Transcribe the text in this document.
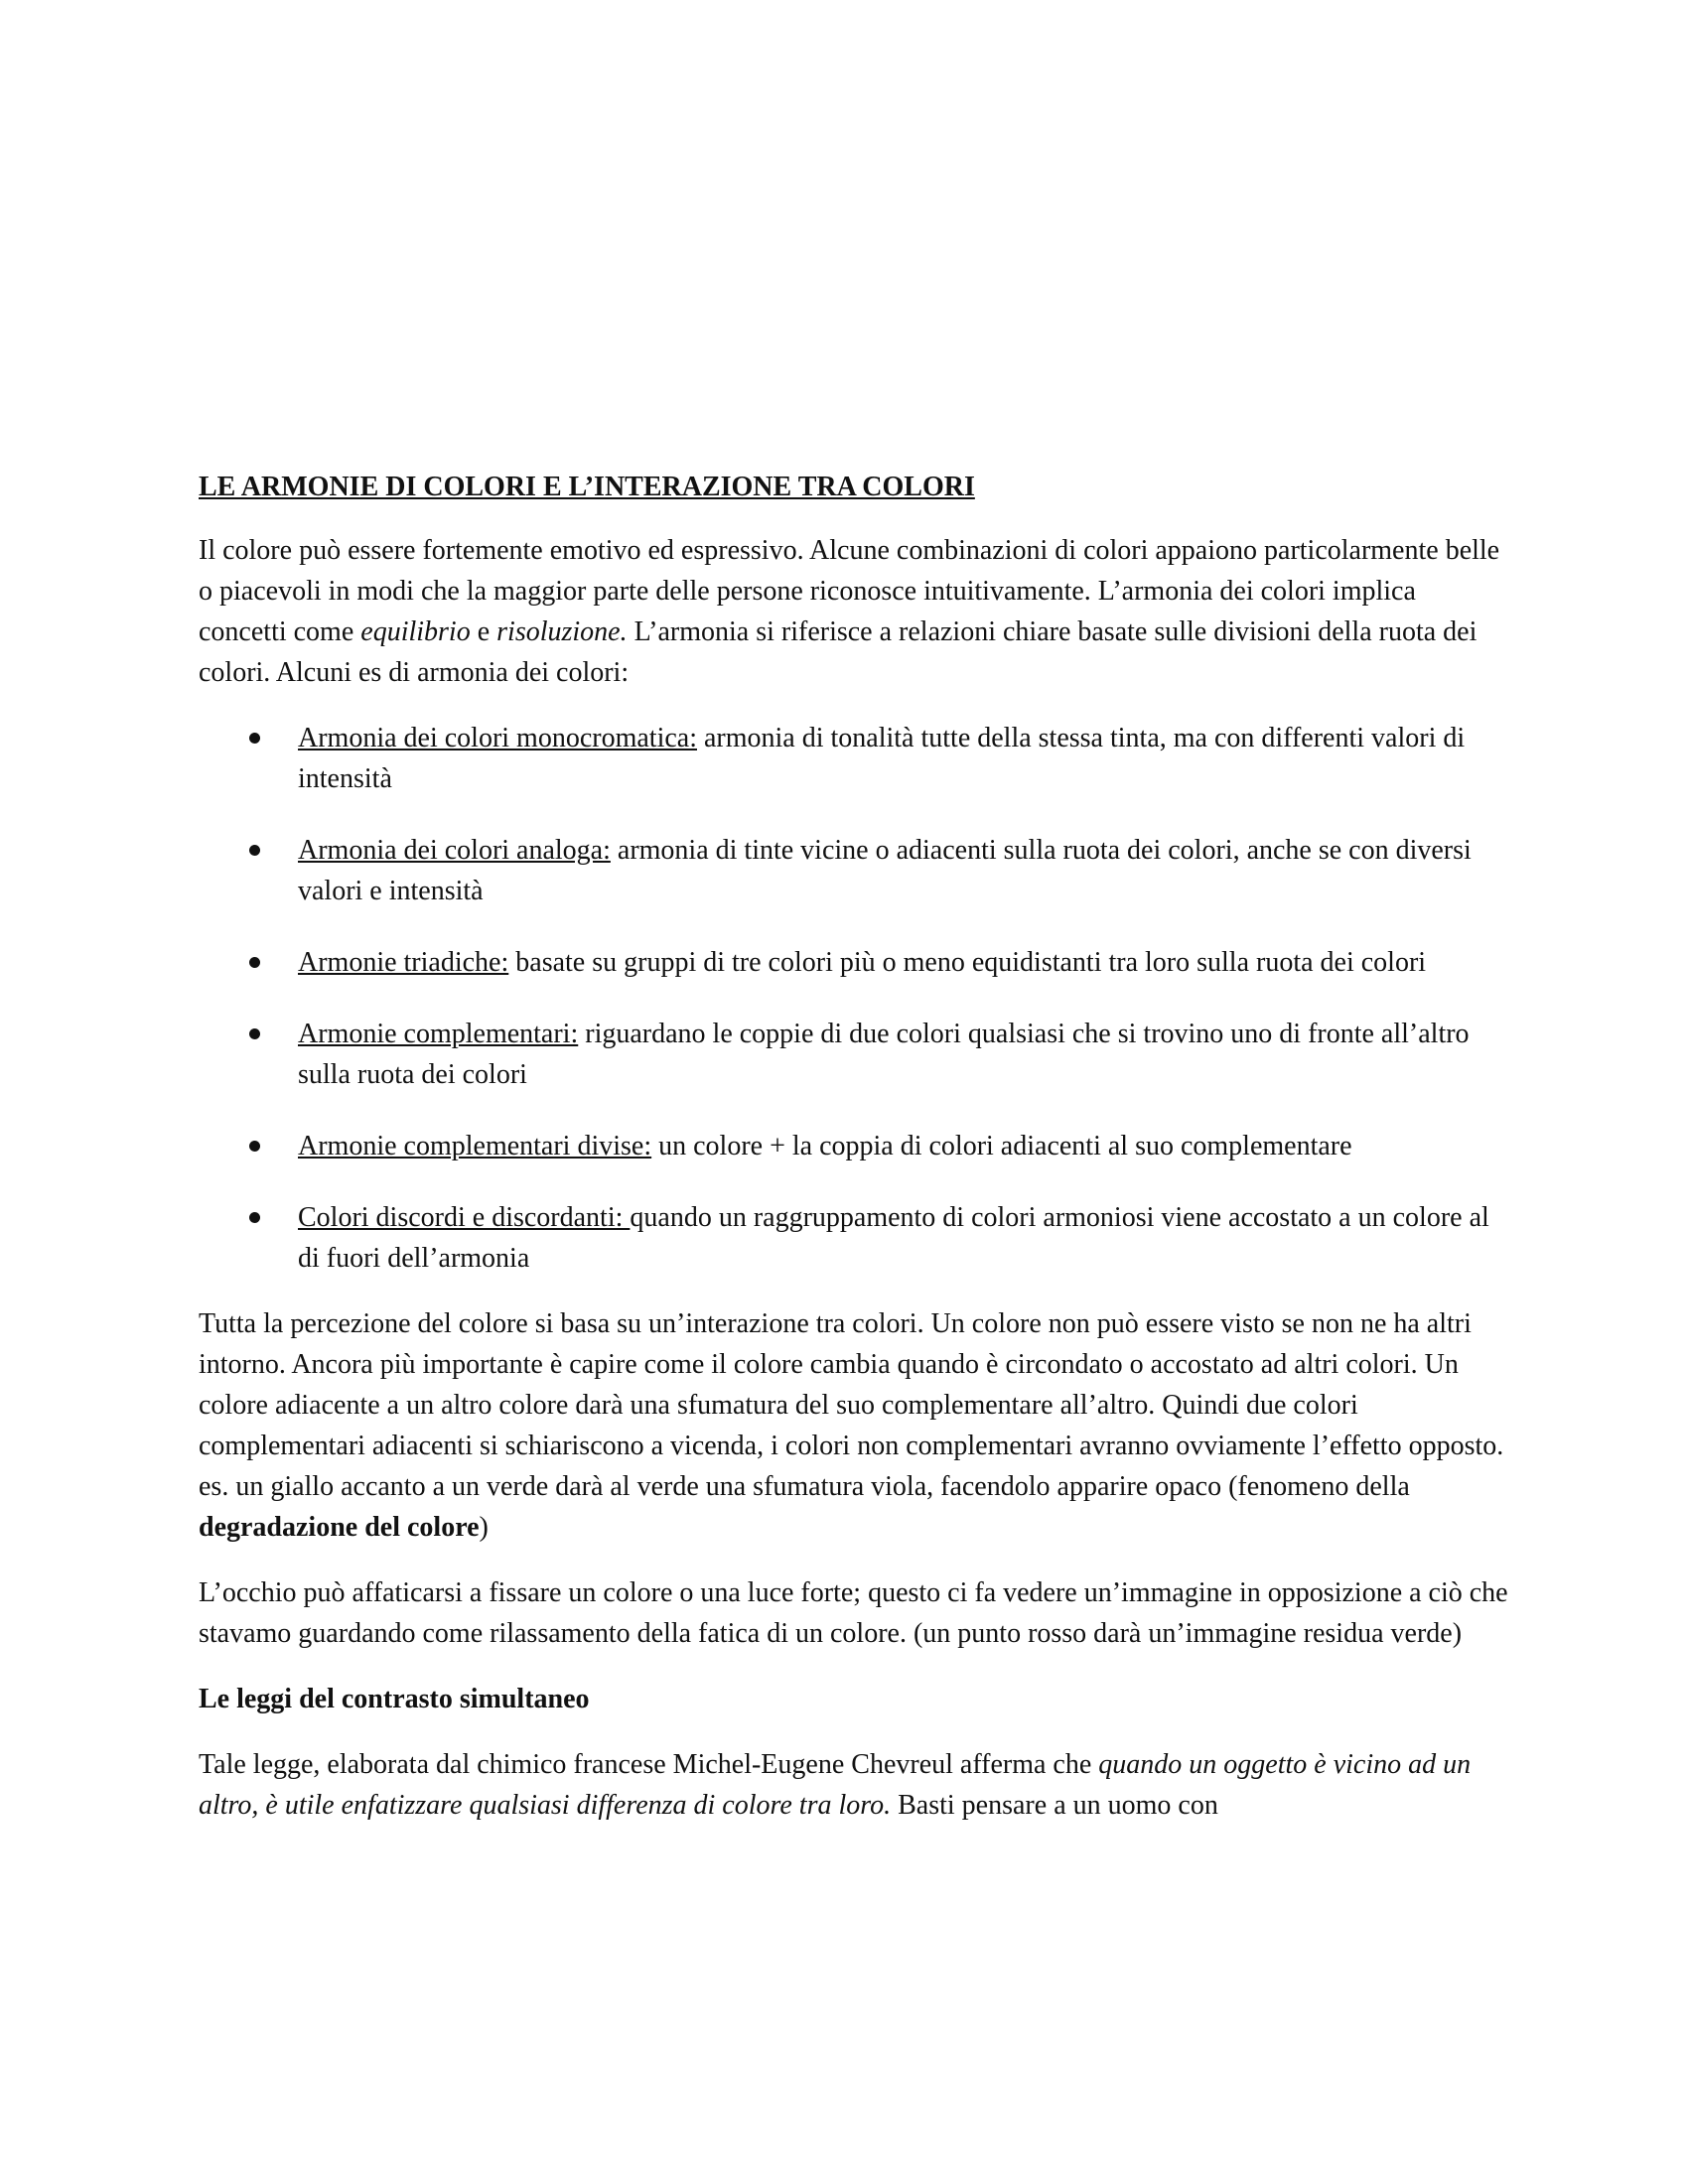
LE ARMONIE DI COLORI E L’INTERAZIONE TRA COLORI

Il colore può essere fortemente emotivo ed espressivo. Alcune combinazioni di colori appaiono particolarmente belle o piacevoli in modi che la maggior parte delle persone riconosce intuitivamente. L’armonia dei colori implica concetti come equilibrio e risoluzione. L’armonia si riferisce a relazioni chiare basate sulle divisioni della ruota dei colori. Alcuni es di armonia dei colori:

Armonia dei colori monocromatica: armonia di tonalità tutte della stessa tinta, ma con differenti valori di intensità
Armonia dei colori analoga: armonia di tinte vicine o adiacenti sulla ruota dei colori, anche se con diversi valori e intensità
Armonie triadiche: basate su gruppi di tre colori più o meno equidistanti tra loro sulla ruota dei colori
Armonie complementari: riguardano le coppie di due colori qualsiasi che si trovino uno di fronte all’altro sulla ruota dei colori
Armonie complementari divise: un colore + la coppia di colori adiacenti al suo complementare
Colori discordi e discordanti: quando un raggruppamento di colori armoniosi viene accostato a un colore al di fuori dell’armonia

Tutta la percezione del colore si basa su un’interazione tra colori. Un colore non può essere visto se non ne ha altri intorno. Ancora più importante è capire come il colore cambia quando è circondato o accostato ad altri colori. Un colore adiacente a un altro colore darà una sfumatura del suo complementare all’altro. Quindi due colori complementari adiacenti si schiariscono a vicenda, i colori non complementari avranno ovviamente l’effetto opposto.

es. un giallo accanto a un verde darà al verde una sfumatura viola, facendolo apparire opaco (fenomeno della degradazione del colore)

L’occhio può affaticarsi a fissare un colore o una luce forte; questo ci fa vedere un’immagine in opposizione a ciò che stavamo guardando come rilassamento della fatica di un colore. (un punto rosso darà un’immagine residua verde)

Le leggi del contrasto simultaneo

Tale legge, elaborata dal chimico francese Michel-Eugene Chevreul afferma che quando un oggetto è vicino ad un altro, è utile enfatizzare qualsiasi differenza di colore tra loro. Basti pensare a un uomo con
